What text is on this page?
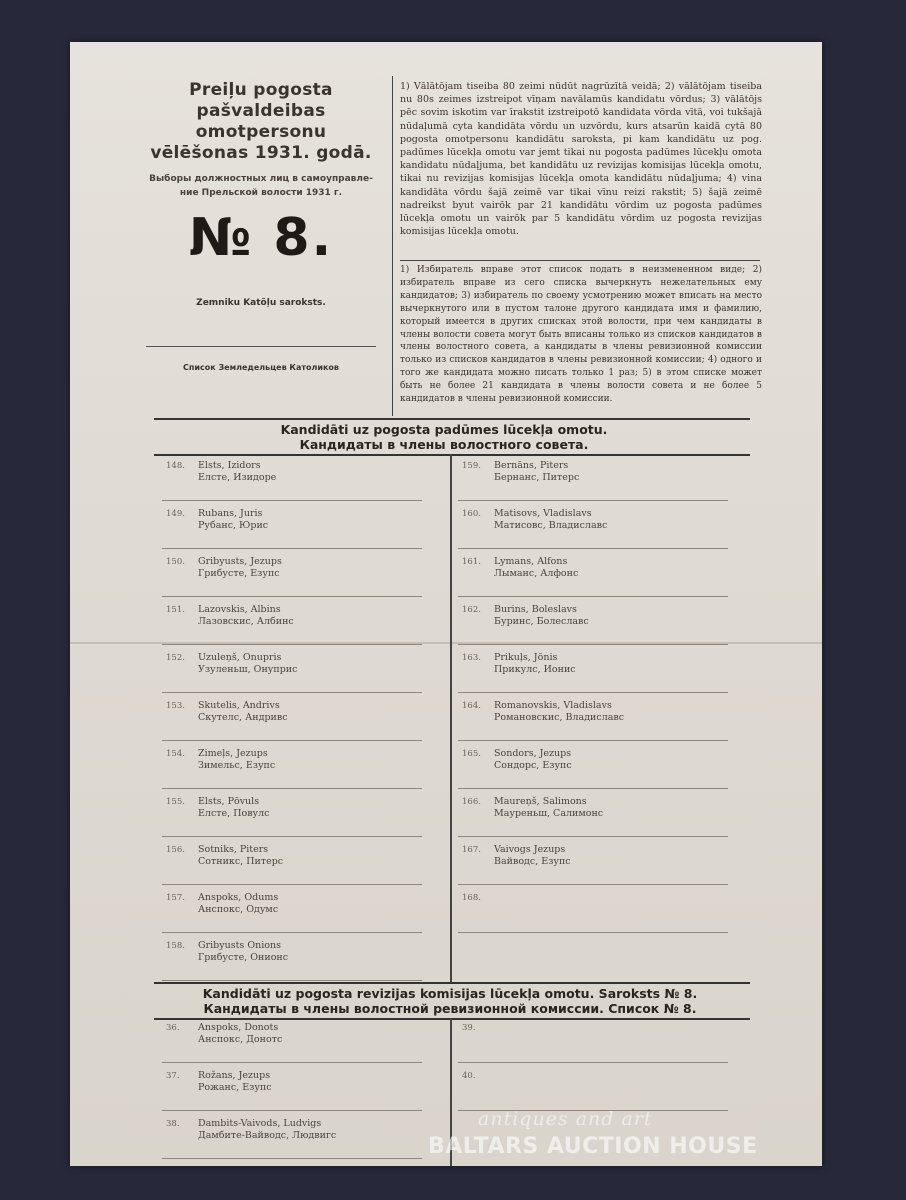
Preiļu pogosta
pašvaldeibas omotpersonu
vēlēšonas 1931. godā.
Выборы должностных лиц в самоуправле-
ние Прельской волости 1931 г.
№ 8.
Zemniku Katōļu saroksts.
Список Земледельцев Католиков
1) Vālātōjam tiseiba 80 zeimi nūdūt nagrūzītā veidā; 2) vālātōjam tiseiba nu 80s zeimes izstreipot vīņam navālamūs kandidatu vōrdus; 3) vālātōjs pēc sovim iskotim var īrakstit izstreipotō kandidata vōrda vītā, voi tukšajā nūdaļumā cyta kandidāta vōrdu un uzvōrdu, kurs atsarūn kaidā cytā 80 pogosta omotpersonu kandidātu saroksta, pi kam kandidātu uz pog. padūmes lūcekļa omotu var jemt tikai nu pogosta padūmes lūcekļu omota kandidatu nūdaļjuma, bet kandidātu uz revizijas komisijas lūcekļa omotu, tikai nu revizijas komisijas lūcekļa omota kandidātu nūdaļjuma; 4) vina kandidāta vōrdu šajā zeimē var tikai vīnu reizi rakstit; 5) šajā zeimē nadreikst byut vairōk par 21 kandidātu vōrdim uz pogosta padūmes lūcekļa omotu un vairōk par 5 kandidātu vōrdim uz pogosta revizijas komisijas lūcekļa omotu.
1) Избиратель вправе этот список подать в неизмененном виде; 2) избиратель вправе из сего списка вычеркнуть нежелательных ему кандидатов; 3) избиратель по своему усмотрению может вписать на место вычеркнутого или в пустом талоне другого кандидата имя и фамилию, который имеется в других списках этой волости, при чем кандидаты в члены волости совета могут быть вписаны только из списков кандидатов в члены волостного совета, а кандидаты в члены ревизионной комиссии только из списков кандидатов в члены ревизионной комиссии; 4) одного и того же кандидата можно писать только 1 раз; 5) в этом списке может быть не более 21 кандидата в члены волости совета и не более 5 кандидатов в члены ревизионной комиссии.
Kandidāti uz pogosta padūmes lūcekļa omotu.
Кандидаты в члены волостного совета.
148. Elsts, Izidors
Елсте, Изидоре
149. Rubans, Juris
Рубанс, Юрис
150. Gribyusts, Jezups
Грибусте, Езупс
151. Lazovskis, Albins
Лазовскис, Албинс
152. Uzuleņš, Onupris
Узуленьш, Онуприс
153. Skutelis, Andrivs
Скутелс, Андривс
154. Zimeļs, Jezups
Зимельс, Езупс
155. Elsts, Pōvuls
Елсте, Повулс
156. Sotniks, Piters
Сотникс, Питерс
157. Anspoks, Odums
Анспокс, Одумс
158. Gribyusts Onions
Грибусте, Онионс
159. Bernāns, Piters
Бернанс, Питерс
160. Matisovs, Vladislavs
Матисовс, Владиславс
161. Lymans, Alfons
Лыманс, Алфонс
162. Burins, Boleslavs
Буринс, Болеславс
163. Prikuļs, Jōnis
Прикулс, Ионис
164. Romanovskis, Vladislavs
Романовскис, Владиславс
165. Sondors, Jezups
Сондорс, Езупс
166. Maureņš, Salimons
Мауреньш, Салимонс
167. Vaivogs Jezups
Вайводс, Езупс
168.
Kandidāti uz pogosta revizijas komisijas lūcekļa omotu. Saroksts № 8.
Кандидаты в члены волостной ревизионной комиссии. Список № 8.
36. Anspoks, Donots
Анспокс, Донотс
37. Rožans, Jezups
Рожанс, Езупс
38. Dambits-Vaivods, Ludvigs
Дамбите-Вайводс, Людвигс
39.
40.
antiques and art
BALTARS AUCTION HOUSE
